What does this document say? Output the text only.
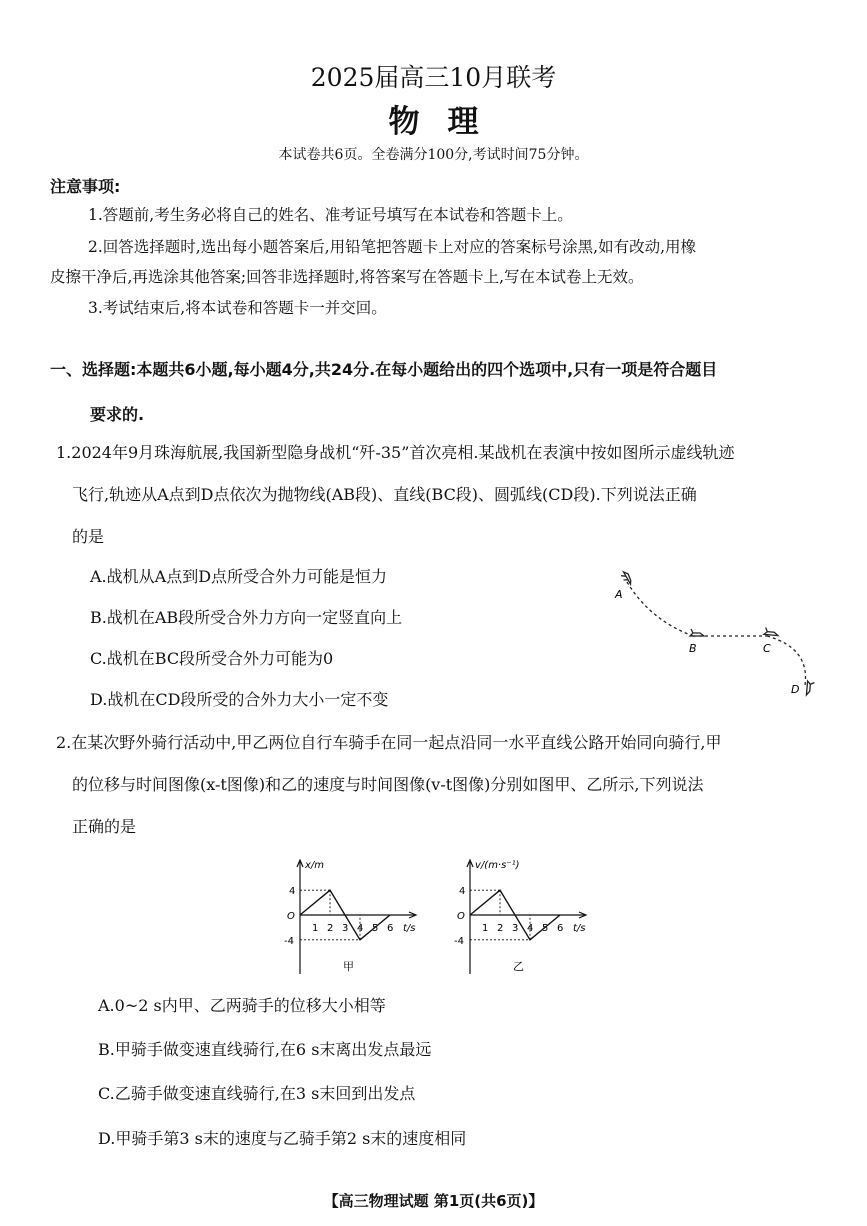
2025届高三10月联考
物理
本试卷共6页。全卷满分100分,考试时间75分钟。
注意事项:
1.答题前,考生务必将自己的姓名、准考证号填写在本试卷和答题卡上。
2.回答选择题时,选出每小题答案后,用铅笔把答题卡上对应的答案标号涂黑,如有改动,用橡
皮擦干净后,再选涂其他答案;回答非选择题时,将答案写在答题卡上,写在本试卷上无效。
3.考试结束后,将本试卷和答题卡一并交回。
一、选择题:本题共6小题,每小题4分,共24分.在每小题给出的四个选项中,只有一项是符合题目
要求的.
1.2024年9月珠海航展,我国新型隐身战机“歼-35”首次亮相.某战机在表演中按如图所示虚线轨迹
飞行,轨迹从A点到D点依次为抛物线(AB段)、直线(BC段)、圆弧线(CD段).下列说法正确
的是
A.战机从A点到D点所受合外力可能是恒力
B.战机在AB段所受合外力方向一定竖直向上
C.战机在BC段所受合外力可能为0
D.战机在CD段所受的合外力大小一定不变
A
B	C
D
2.在某次野外骑行活动中,甲乙两位自行车骑手在同一起点沿同一水平直线公路开始同向骑行,甲
的位移与时间图像(x-t图像)和乙的速度与时间图像(v-t图像)分别如图甲、乙所示,下列说法
正确的是
x/m
t/s
O
1 2 3 4 5 6
4
-4
甲
v/(m·s⁻¹)
t/s
O
1 2 3 4 5 6
4
-4
乙
A.0~2 s内甲、乙两骑手的位移大小相等
B.甲骑手做变速直线骑行,在6 s末离出发点最远
C.乙骑手做变速直线骑行,在3 s末回到出发点
D.甲骑手第3 s末的速度与乙骑手第2 s末的速度相同
【高三物理试题 第1页(共6页)】
